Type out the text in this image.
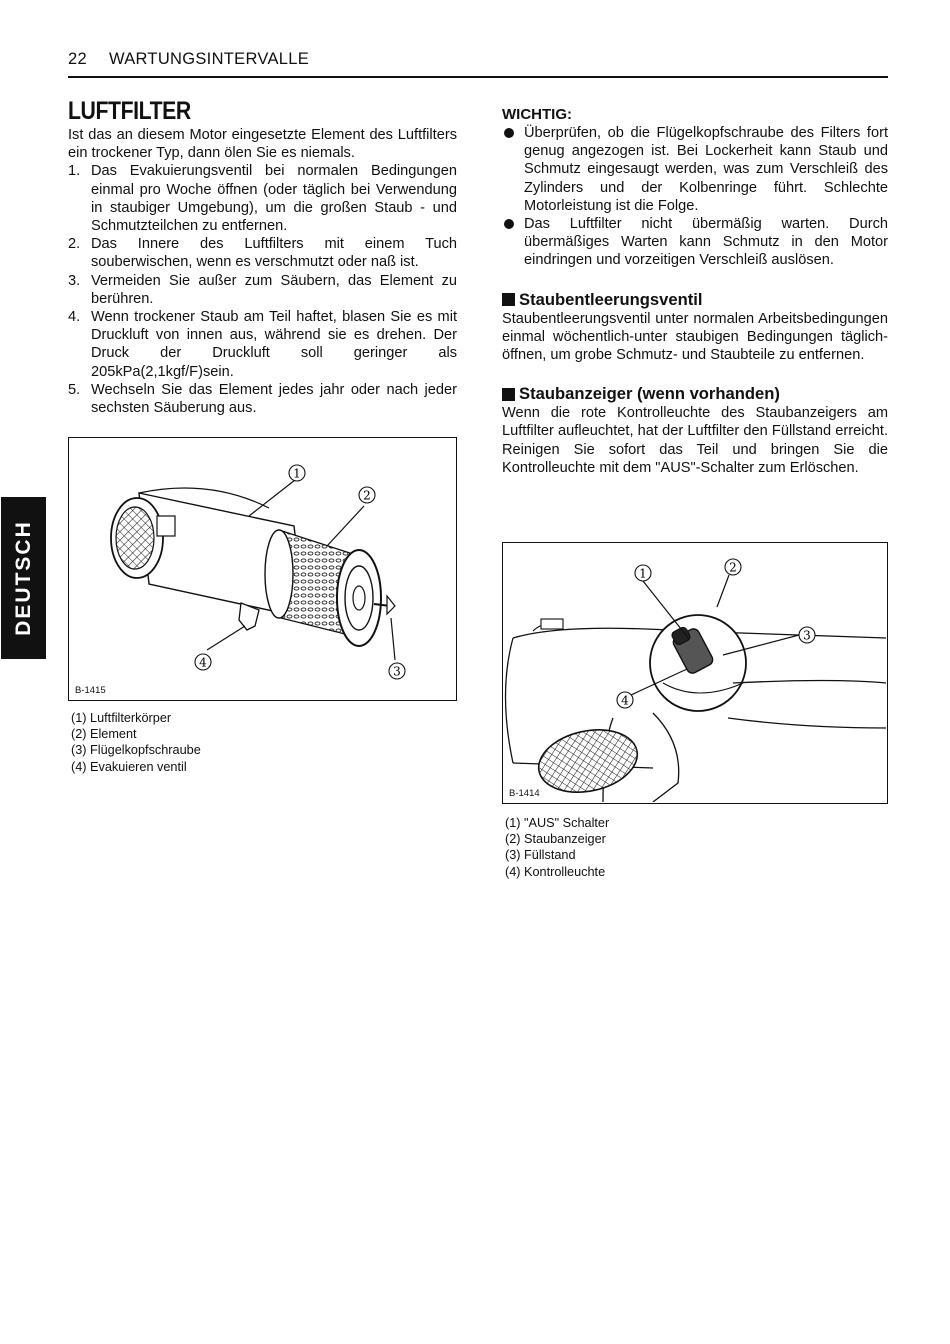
22 WARTUNGSINTERVALLE
DEUTSCH
LUFTFILTER

Ist das an diesem Motor eingesetzte Element des Luftfilters ein trockener Typ, dann ölen Sie es niemals.

1. Das Evakuierungsventil bei normalen Bedingungen einmal pro Woche öffnen (oder täglich bei Verwendung in staubiger Umgebung), um die großen Staub - und Schmutzteilchen zu entfernen.
2. Das Innere des Luftfilters mit einem Tuch souberwischen, wenn es verschmutzt oder naß ist.
3. Vermeiden Sie außer zum Säubern, das Element zu berühren.
4. Wenn trockener Staub am Teil haftet, blasen Sie es mit Druckluft von innen aus, während sie es drehen. Der Druck der Druckluft soll geringer als 205kPa(2,1kgf/F)sein.
5. Wechseln Sie das Element jedes jahr oder nach jeder sechsten Säuberung aus.
1
2
3
4
B-1415
(1) Luftfilterkörper
(2) Element
(3) Flügelkopfschraube
(4) Evakuieren ventil
WICHTIG:
Überprüfen, ob die Flügelkopfschraube des Filters fort genug angezogen ist. Bei Lockerheit kann Staub und Schmutz eingesaugt werden, was zum Verschleiß des Zylinders und der Kolbenringe führt. Schlechte Motorleistung ist die Folge.
Das Luftfilter nicht übermäßig warten. Durch übermäßiges Warten kann Schmutz in den Motor eindringen und vorzeitigen Verschleiß auslösen.
Staubentleerungsventil

Staubentleerungsventil unter normalen Arbeitsbedingungen einmal wöchentlich-unter staubigen Bedingungen täglich-öffnen, um grobe Schmutz- und Staubteile zu entfernen.

Staubanzeiger (wenn vorhanden)

Wenn die rote Kontrolleuchte des Staubanzeigers am Luftfilter aufleuchtet, hat der Luftfilter den Füllstand erreicht. Reinigen Sie sofort das Teil und bringen Sie die Kontrolleuchte mit dem "AUS"-Schalter zum Erlöschen.

1	2
3
4
B-1414
(1) "AUS" Schalter
(2) Staubanzeiger
(3) Füllstand
(4) Kontrolleuchte
